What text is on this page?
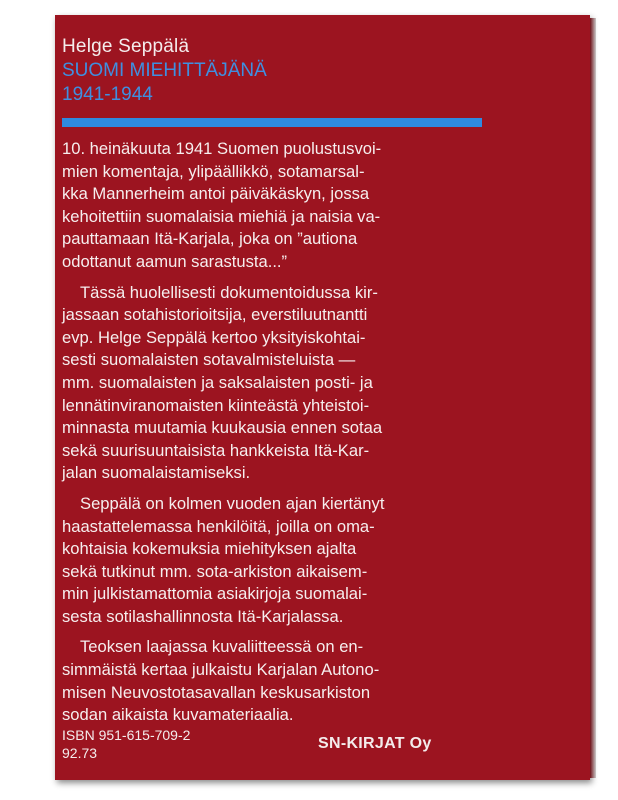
Helge Seppälä
SUOMI MIEHITTÄJÄNÄ
1941-1944

10. heinäkuuta 1941 Suomen puolustusvoi-
mien komentaja, ylipäällikkö, sotamarsal-
kka Mannerheim antoi päiväkäskyn, jossa
kehoitettiin suomalaisia miehiä ja naisia va-
pauttamaan Itä-Karjala, joka on ”autiona
odottanut aamun sarastusta...”

Tässä huolellisesti dokumentoidussa kir-
jassaan sotahistorioitsija, everstiluutnantti
evp. Helge Seppälä kertoo yksityiskohtai-
sesti suomalaisten sotavalmisteluista —
mm. suomalaisten ja saksalaisten posti- ja
lennätinviranomaisten kiinteästä yhteistoi-
minnasta muutamia kuukausia ennen sotaa
sekä suurisuuntaisista hankkeista Itä-Kar-
jalan suomalaistamiseksi.

Seppälä on kolmen vuoden ajan kiertänyt
haastattelemassa henkilöitä, joilla on oma-
kohtaisia kokemuksia miehityksen ajalta
sekä tutkinut mm. sota-arkiston aikaisem-
min julkistamattomia asiakirjoja suomalai-
sesta sotilashallinnosta Itä-Karjalassa.

Teoksen laajassa kuvaliitteessä on en-
simmäistä kertaa julkaistu Karjalan Autono-
misen Neuvostotasavallan keskusarkiston
sodan aikaista kuvamateriaalia.

ISBN 951-615-709-2
92.73
SN-KIRJAT Oy
